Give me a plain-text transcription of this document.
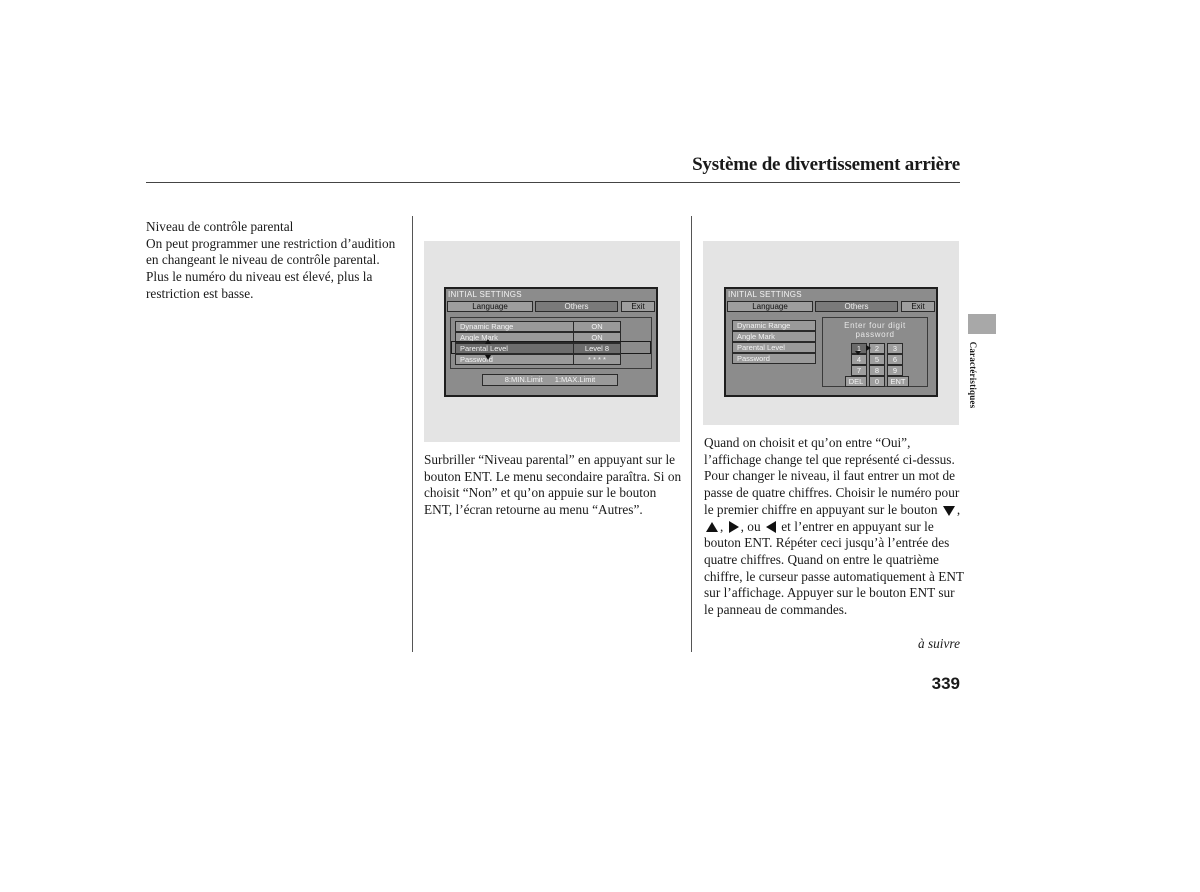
Système de divertissement arrière

Niveau de contrôle parental

On peut programmer une restriction d’audition en changeant le niveau de contrôle parental. Plus le numéro du niveau est élevé, plus la restriction est basse.	INITIAL SETTINGS
Language	Others	Exit
Dynamic Range	ON
Angle Mark	ON
Parental Level	Level 8
Password	* * * *
8:MIN.Limit 1:MAX.Limit

Surbriller “Niveau parental” en appuyant sur le bouton ENT. Le menu secondaire paraîtra. Si on choisit “Non” et qu’on appuie sur le bouton ENT, l’écran retourne au menu “Autres”.

INITIAL SETTINGS
Language	Others	Exit
Dynamic Range
Angle Mark
Parental Level
Password
Enter four digit
password
1	2	3
4	5	6
7	8	9
DEL	0	ENT

Quand on choisit et qu’on entre “Oui”, l’affichage change tel que représenté ci-dessus. Pour changer le niveau, il faut entrer un mot de passe de quatre chiffres. Choisir le numéro pour le premier chiffre en appuyant sur le bouton , , , ou et l’entrer en appuyant sur le bouton ENT. Répéter ceci jusqu’à l’entrée des quatre chiffres. Quand on entre le quatrième chiffre, le curseur passe automatiquement à ENT sur l’affichage. Appuyer sur le bouton ENT sur le panneau de commandes.

à suivre
339
Caractéristiques
